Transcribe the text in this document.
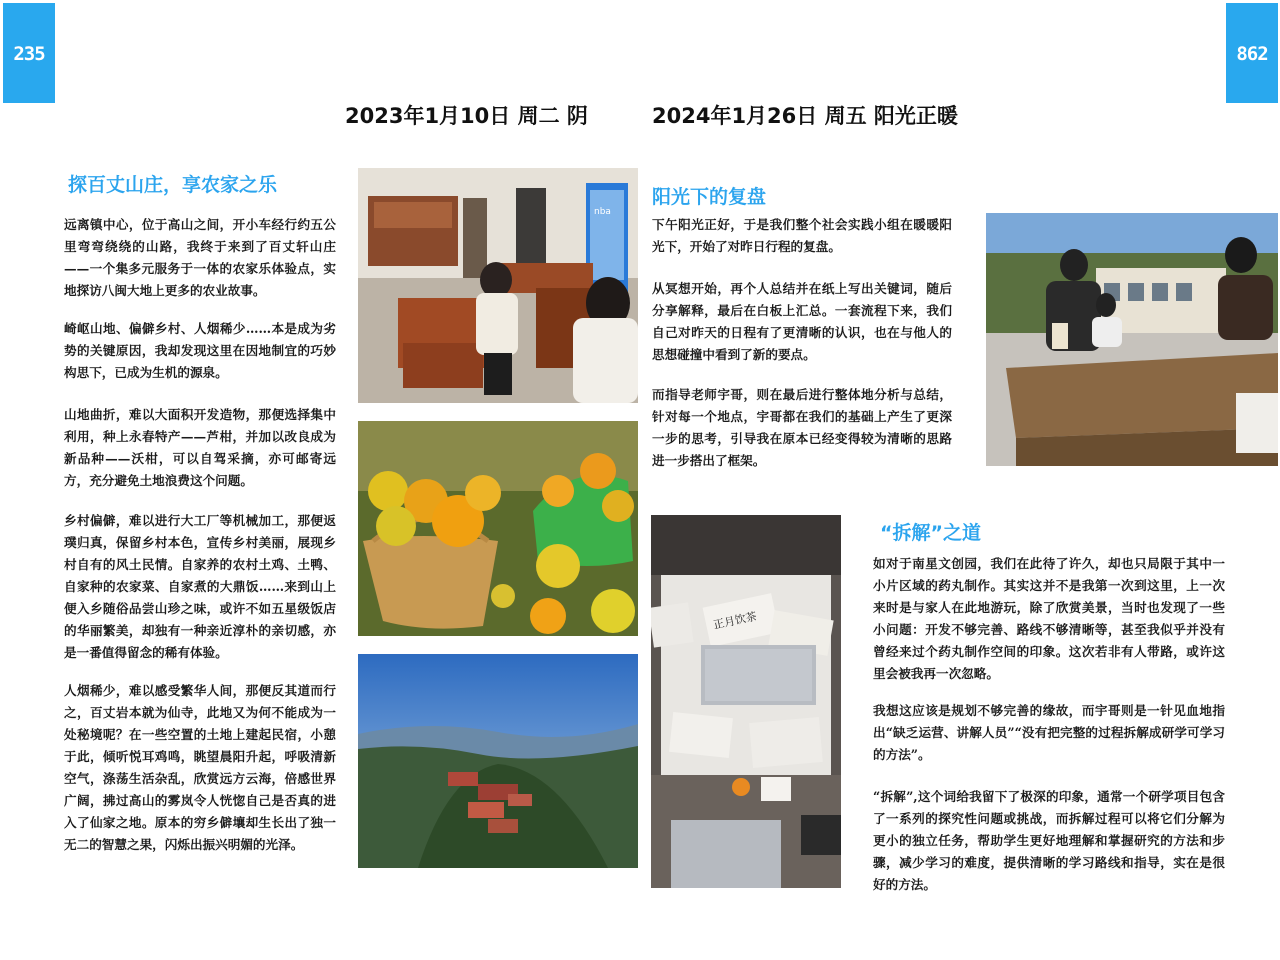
235	862
2023年1月10日 周二 阴	2024年1月26日 周五 阳光正暖
探百丈山庄，享农家之乐

远离镇中心，位于高山之间，开小车经行约五公里弯弯绕绕的山路，我终于来到了百丈轩山庄——一个集多元服务于一体的农家乐体验点，实地探访八闽大地上更多的农业故事。

崎岖山地、偏僻乡村、人烟稀少……本是成为劣势的关键原因，我却发现这里在因地制宜的巧妙构思下，已成为生机的源泉。

山地曲折，难以大面积开发造物，那便选择集中利用，种上永春特产——芦柑，并加以改良成为新品种——沃柑，可以自驾采摘，亦可邮寄远方，充分避免土地浪费这个问题。

乡村偏僻，难以进行大工厂等机械加工，那便返璞归真，保留乡村本色，宣传乡村美丽，展现乡村自有的风土民情。自家养的农村土鸡、土鸭、自家种的农家菜、自家煮的大鼎饭……来到山上便入乡随俗品尝山珍之味，或许不如五星级饭店的华丽繁美，却独有一种亲近淳朴的亲切感，亦是一番值得留念的稀有体验。

人烟稀少，难以感受繁华人间，那便反其道而行之，百丈岩本就为仙寺，此地又为何不能成为一处秘境呢？在一些空置的土地上建起民宿，小憩于此，倾听悦耳鸡鸣，眺望晨阳升起，呼吸清新空气，涤荡生活杂乱，欣赏远方云海，倍感世界广阔，拂过高山的雾岚令人恍惚自己是否真的进入了仙家之地。原本的穷乡僻壤却生长出了独一无二的智慧之果，闪烁出振兴明媚的光泽。

阳光下的复盘

下午阳光正好，于是我们整个社会实践小组在暖暖阳光下，开始了对昨日行程的复盘。

从冥想开始，再个人总结并在纸上写出关键词，随后分享解释，最后在白板上汇总。一套流程下来，我们自己对昨天的日程有了更清晰的认识，也在与他人的思想碰撞中看到了新的要点。

而指导老师宇哥，则在最后进行整体地分析与总结，针对每一个地点，宇哥都在我们的基础上产生了更深一步的思考，引导我在原本已经变得较为清晰的思路进一步搭出了框架。

“拆解”之道

如对于南星文创园，我们在此待了许久，却也只局限于其中一小片区域的药丸制作。其实这并不是我第一次到这里，上一次来时是与家人在此地游玩，除了欣赏美景，当时也发现了一些小问题：开发不够完善、路线不够清晰等，甚至我似乎并没有曾经来过个药丸制作空间的印象。这次若非有人带路，或许这里会被我再一次忽略。

我想这应该是规划不够完善的缘故，而宇哥则是一针见血地指出“缺乏运营、讲解人员”“没有把完整的过程拆解成研学可学习的方法”。

“拆解”,这个词给我留下了极深的印象，通常一个研学项目包含了一系列的探究性问题或挑战，而拆解过程可以将它们分解为更小的独立任务，帮助学生更好地理解和掌握研究的方法和步骤，减少学习的难度，提供清晰的学习路线和指导，实在是很好的方法。

nba
正月饮茶
